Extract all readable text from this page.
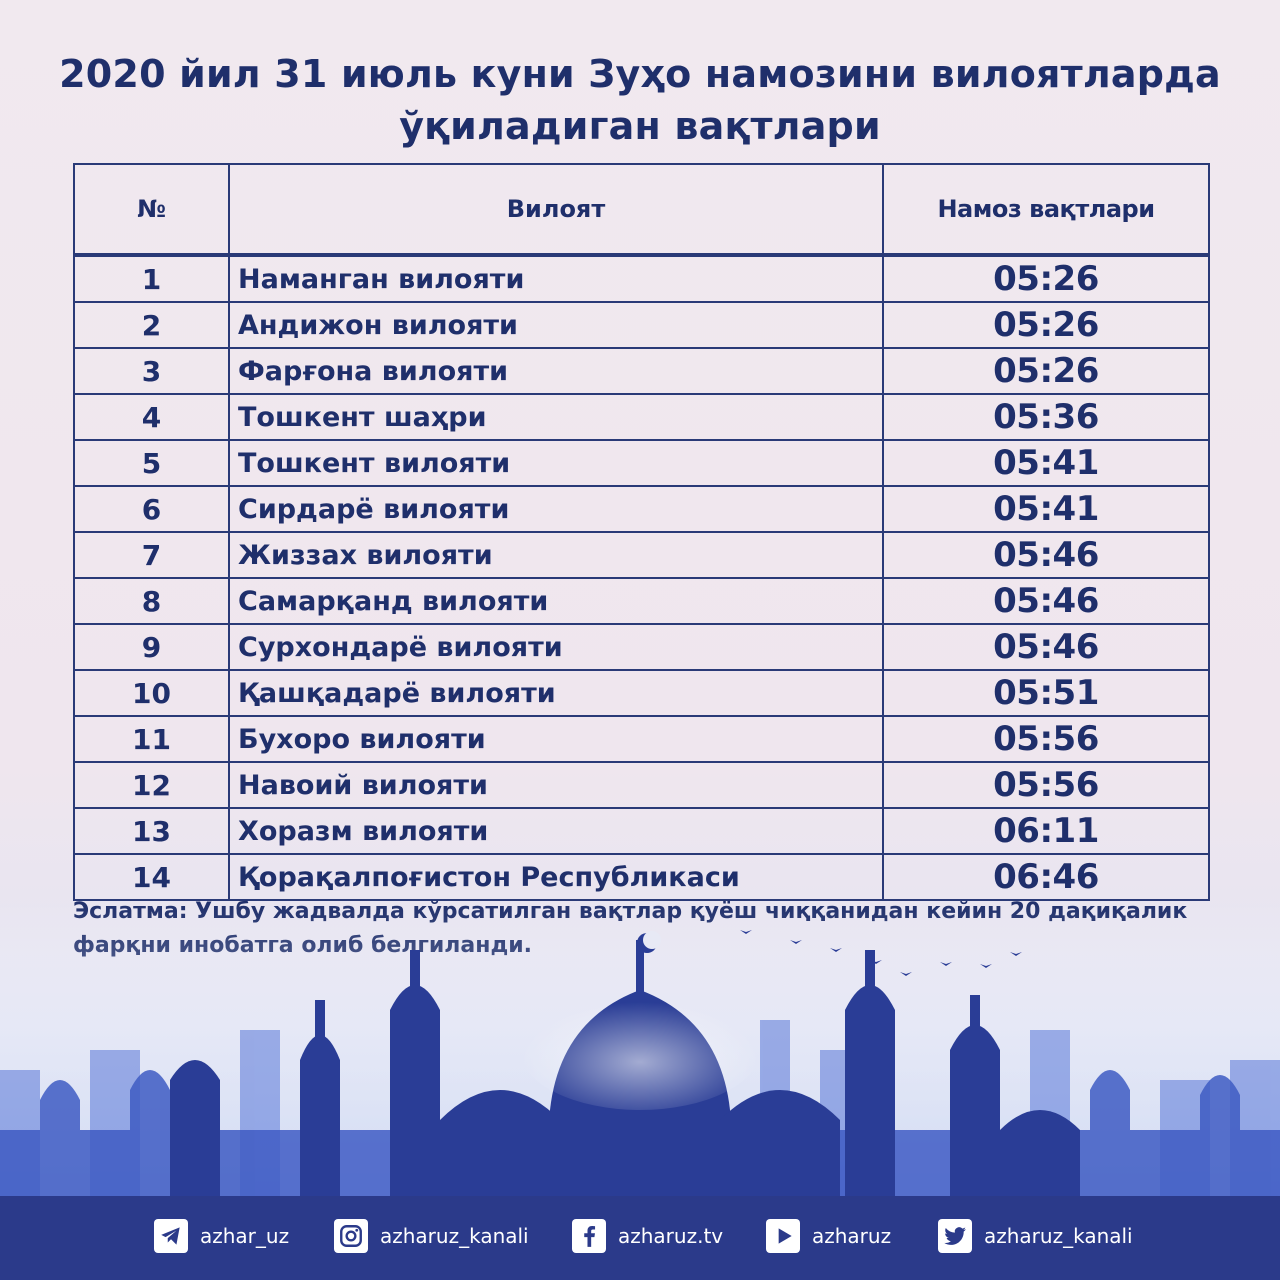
2020 йил 31 июль куни Зуҳо намозини вилоятларда
ўқиладиган вақтлари
№	Вилоят	Намоз вақтлари
1	Наманган вилояти	05:26
2	Андижон вилояти	05:26
3	Фарғона вилояти	05:26
4	Тошкент шаҳри	05:36
5	Тошкент вилояти	05:41
6	Сирдарё вилояти	05:41
7	Жиззах вилояти	05:46
8	Самарқанд вилояти	05:46
9	Сурхондарё вилояти	05:46
10	Қашқадарё вилояти	05:51
11	Бухоро вилояти	05:56
12	Навоий вилояти	05:56
13	Хоразм вилояти	06:11
14	Қорақалпоғистон Республикаси	06:46
azhar_uz	azharuz_kanali	azharuz.tv	azharuz	azharuz_kanali
